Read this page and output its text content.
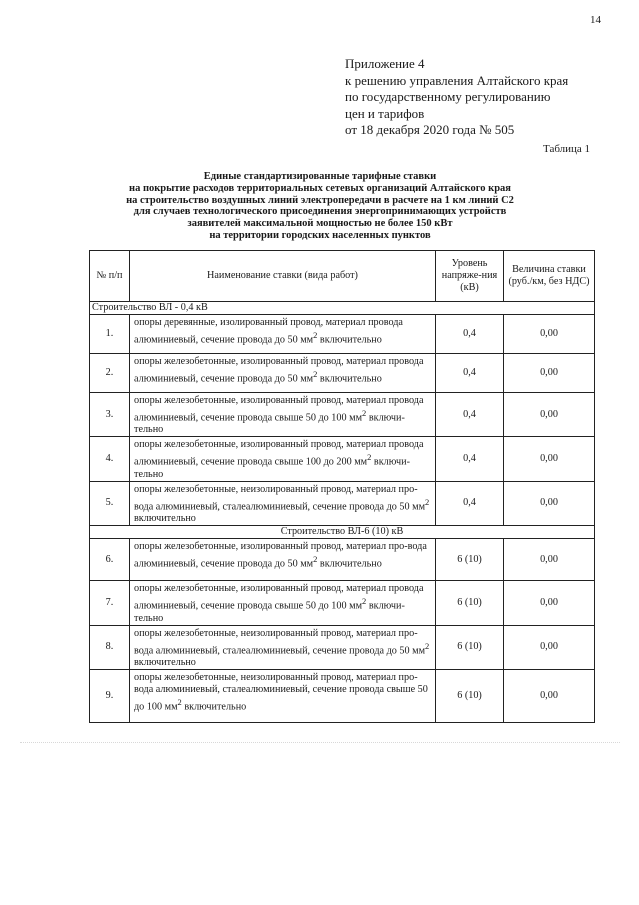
14
Приложение 4
к решению управления Алтайского края
по государственному регулированию
цен и тарифов
от 18 декабря 2020 года № 505
Таблица 1
Единые стандартизированные тарифные ставки
на покрытие расходов территориальных сетевых организаций Алтайского края
на строительство воздушных линий электропередачи в расчете на 1 км линий С2
для случаев технологического присоединения энергопринимающих устройств
заявителей максимальной мощностью не более 150 кВт
на территории городских населенных пунктов
№ п/п	Наименование ставки (вида работ)	Уровень напряже-ния (кВ)	Величина ставки (руб./км, без НДС)
Строительство ВЛ - 0,4 кВ			
1.	опоры деревянные, изолированный провод, материал провода алюминиевый, сечение провода до 50 $мм^2$ включительно	0,4	0,00
2.	опоры железобетонные, изолированный провод, материал провода алюминиевый, сечение провода до 50 $мм^2$ включительно	0,4	0,00
3.	опоры железобетонные, изолированный провод, материал провода алюминиевый, сечение провода свыше 50 до 100 $мм^2$ включи-тельно	0,4	0,00
4.	опоры железобетонные, изолированный провод, материал провода алюминиевый, сечение провода свыше 100 до 200 $мм^2$ включи-тельно	0,4	0,00
5.	опоры железобетонные, неизолированный провод, материал про-вода алюминиевый, сталеалюминиевый, сечение провода до 50 $мм^2$ включительно	0,4	0,00
Строительство ВЛ-6 (10) кВ			
6.	опоры железобетонные, изолированный провод, материал про-вода алюминиевый, сечение провода до 50 $мм^2$ включительно	6 (10)	0,00
7.	опоры железобетонные, изолированный провод, материал провода алюминиевый, сечение провода свыше 50 до 100 $мм^2$ включи-тельно	6 (10)	0,00
8.	опоры железобетонные, неизолированный провод, материал про-вода алюминиевый, сталеалюминиевый, сечение провода до 50 $мм^2$ включительно	6 (10)	0,00
9.	опоры железобетонные, неизолированный провод, материал про-вода алюминиевый, сталеалюминиевый, сечение провода свыше 50 до 100 $мм^2$ включительно	6 (10)	0,00
